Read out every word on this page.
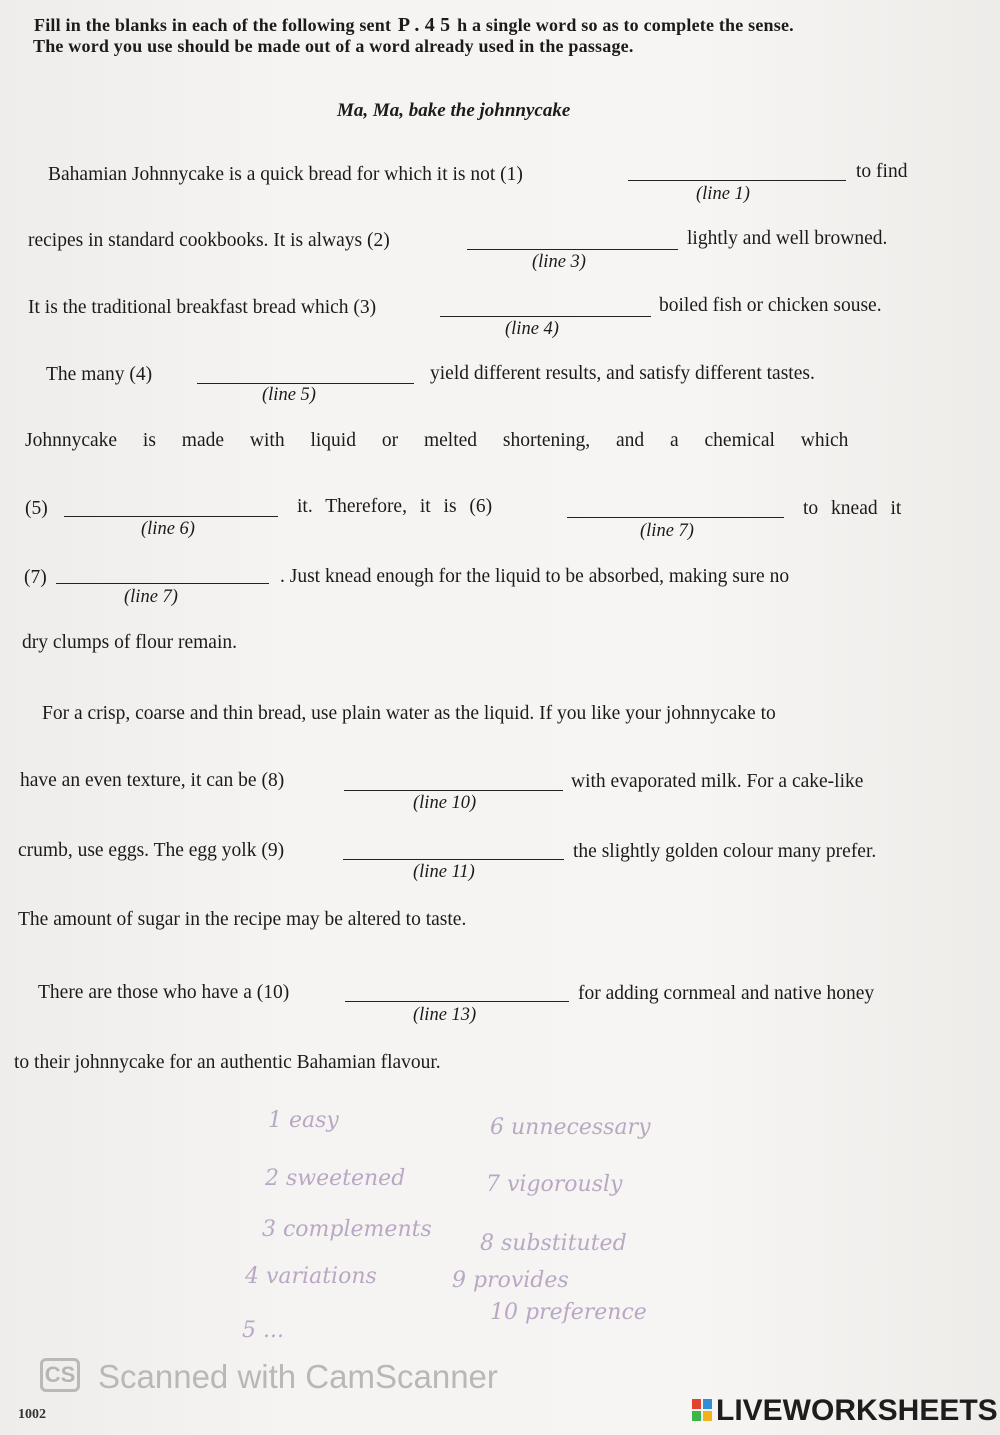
Fill in the blanks in each of the following sent P . 4 5 h a single word so as to complete the sense.
The word you use should be made out of a word already used in the passage.
Ma, Ma, bake the johnnycake
Bahamian Johnnycake is a quick bread for which it is not (1)	to find
(line 1)
recipes in standard cookbooks. It is always (2)	lightly and well browned.
(line 3)
It is the traditional breakfast bread which (3)	boiled fish or chicken souse.
(line 4)
The many (4)	yield different results, and satisfy different tastes.
(line 5)
Johnnycake is made with liquid or melted shortening, and a chemical which
(5)	it. Therefore, it is (6)	to knead it
(line 6)	(line 7)
(7)	. Just knead enough for the liquid to be absorbed, making sure no
(line 7)
dry clumps of flour remain.
For a crisp, coarse and thin bread, use plain water as the liquid. If you like your johnnycake to
have an even texture, it can be (8)	with evaporated milk. For a cake-like
(line 10)
crumb, use eggs. The egg yolk (9)	the slightly golden colour many prefer.
(line 11)
The amount of sugar in the recipe may be altered to taste.
There are those who have a (10)	for adding cornmeal and native honey
(line 13)
to their johnnycake for an authentic Bahamian flavour.
1 easy	6 unnecessary
2 sweetened	7 vigorously
3 complements
8 substituted
4 variations	9 provides
5 ...
10 preference
CS Scanned with CamScanner
LIVEWORKSHEETS
1002
